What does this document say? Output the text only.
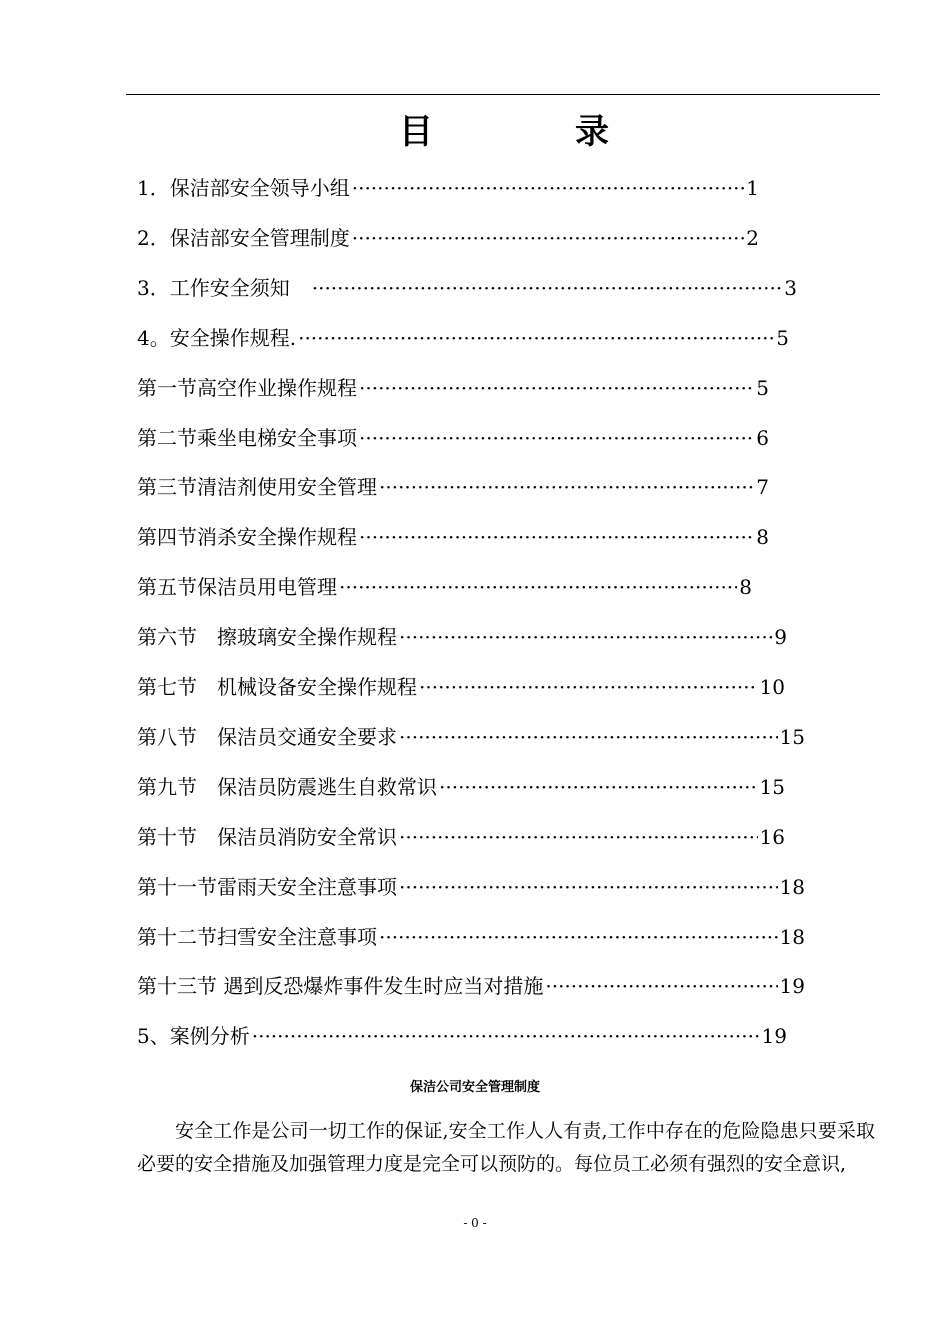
目	录
1．保洁部安全领导小组 ·····	1
2．保洁部安全管理制度 ·····	2
3．工作安全须知　 ·····	3
4。安全操作规程. ·····	5
第一节高空作业操作规程 ·····	5
第二节乘坐电梯安全事项 ·····	6
第三节清洁剂使用安全管理 ·····	7
第四节消杀安全操作规程 ·····	8
第五节保洁员用电管理 ·····	8
第六节　擦玻璃安全操作规程 ·····	9
第七节　机械设备安全操作规程 ·····	10
第八节　保洁员交通安全要求 ·····	15
第九节　保洁员防震逃生自救常识 ·····	15
第十节　保洁员消防安全常识 ·····	16
第十一节雷雨天安全注意事项 ·····	18
第十二节扫雪安全注意事项 ·····	18
第十三节 遇到反恐爆炸事件发生时应当对措施 ·····	19
5、案例分析 ·····	19
保洁公司安全管理制度

安全工作是公司一切工作的保证,安全工作人人有责,工作中存在的危险隐患只要采取必要的安全措施及加强管理力度是完全可以预防的。每位员工必须有强烈的安全意识,

- 0 -
